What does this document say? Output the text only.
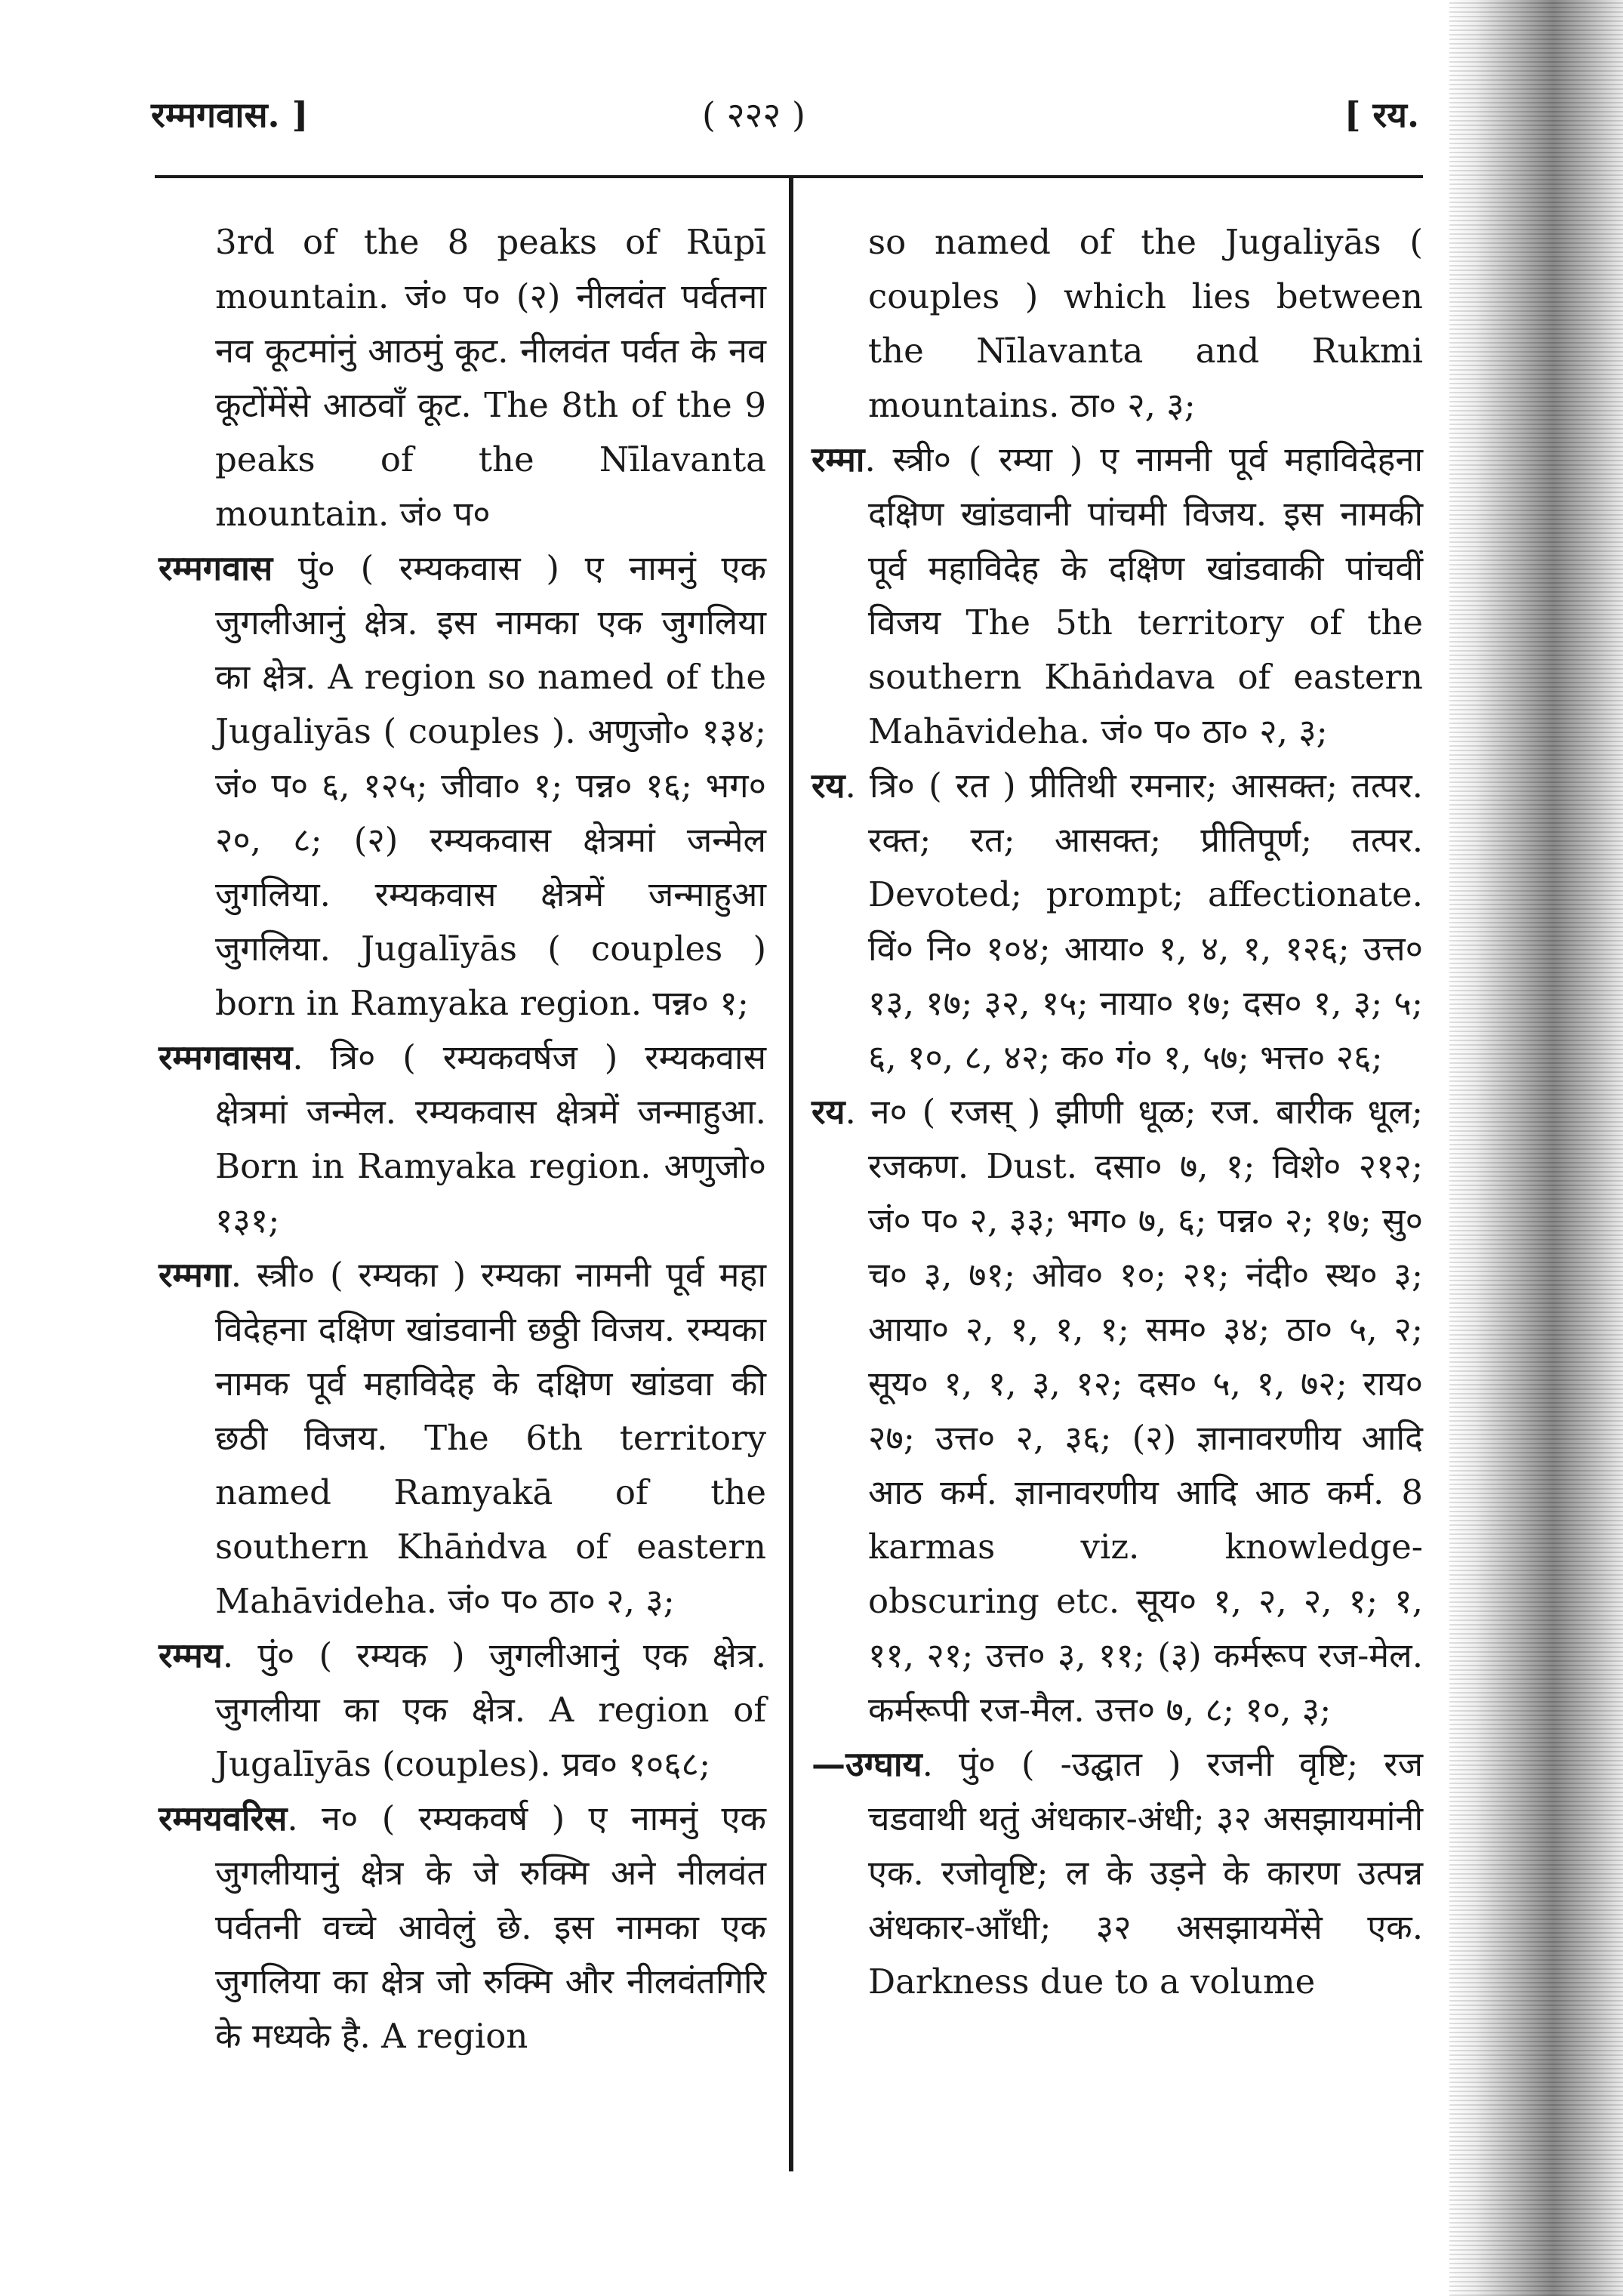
रम्मगवास. ]	( २२२ )	[ रय.

3rd of the 8 peaks of Rūpī mountain. जं० प० (२) नीलवंत पर्वतना नव कूटमांनुं आठमुं कूट. नीलवंत पर्वत के नव कूटोंमेंसे आठवाँ कूट. The 8th of the 9 peaks of the Nīlavanta mountain. जं० प०

रम्मगवास पुं० ( रम्यकवास ) ए नामनुं एक जुगलीआनुं क्षेत्र. इस नामका एक जुगलिया का क्षेत्र. A region so named of the Jugaliyās ( couples ). अणुजो० १३४; जं० प० ६, १२५; जीवा० १; पन्न० १६; भग० २०, ८; (२) रम्यकवास क्षेत्रमां जन्मेल जुगलिया. रम्यकवास क्षेत्रमें जन्माहुआ जुगलिया. Jugalīyās ( couples ) born in Ramyaka region. पन्न० १;

रम्मगवासय. त्रि० ( रम्यकवर्षज ) रम्यकवास क्षेत्रमां जन्मेल. रम्यकवास क्षेत्रमें जन्माहुआ. Born in Ramyaka region. अणुजो० १३१;

रम्मगा. स्त्री० ( रम्यका ) रम्यका नामनी पूर्व महा विदेहना दक्षिण खांडवानी छठ्ठी विजय. रम्यका नामक पूर्व महाविदेह के दक्षिण खांडवा की छठी विजय. The 6th territory named Ramyakā of the southern Khāṅdva of eastern Mahāvideha. जं० प० ठा० २, ३;

रम्मय. पुं० ( रम्यक ) जुगलीआनुं एक क्षेत्र. जुगलीया का एक क्षेत्र. A region of Jugalīyās (couples). प्रव० १०६८;

रम्मयवरिस. न० ( रम्यकवर्ष ) ए नामनुं एक जुगलीयानुं क्षेत्र के जे रुक्मि अने नीलवंत पर्वतनी वच्चे आवेलुं छे. इस नामका एक जुगलिया का क्षेत्र जो रुक्मि और नीलवंतगिरि के मध्यके है. A region

so named of the Jugaliyās ( couples ) which lies between the Nīlavanta and Rukmi mountains. ठा० २, ३;

रम्मा. स्त्री० ( रम्या ) ए नामनी पूर्व महाविदेहना दक्षिण खांडवानी पांचमी विजय. इस नामकी पूर्व महाविदेह के दक्षिण खांडवाकी पांचवीं विजय The 5th territory of the southern Khāṅdava of eastern Mahāvideha. जं० प० ठा० २, ३;

रय. त्रि० ( रत ) प्रीतिथी रमनार; आसक्त; तत्पर. रक्त; रत; आसक्त; प्रीतिपूर्ण; तत्पर. Devoted; prompt; affectionate. विं० नि० १०४; आया० १, ४, १, १२६; उत्त० १३, १७; ३२, १५; नाया० १७; दस० १, ३; ५; ६, १०, ८, ४२; क० गं० १, ५७; भत्त० २६;

रय. न० ( रजस् ) झीणी धूळ; रज. बारीक धूल; रजकण. Dust. दसा० ७, १; विशे० २१२; जं० प० २, ३३; भग० ७, ६; पन्न० २; १७; सु० च० ३, ७१; ओव० १०; २१; नंदी० स्थ० ३; आया० २, १, १, १; सम० ३४; ठा० ५, २; सूय० १, १, ३, १२; दस० ५, १, ७२; राय० २७; उत्त० २, ३६; (२) ज्ञानावरणीय आदि आठ कर्म. ज्ञानावरणीय आदि आठ कर्म. 8 karmas viz. knowledge-obscuring etc. सूय० १, २, २, १; १, ११, २१; उत्त० ३, ११; (३) कर्मरूप रज-मेल. कर्मरूपी रज-मैल. उत्त० ७, ८; १०, ३;

—उग्घाय. पुं० ( -उद्घात ) रजनी वृष्टि; रज चडवाथी थतुं अंधकार-अंधी; ३२ असझायमांनी एक. रजोवृष्टि; ल के उड़ने के कारण उत्पन्न अंधकार-आँधी; ३२ असझायमेंसे एक. Darkness due to a volume
